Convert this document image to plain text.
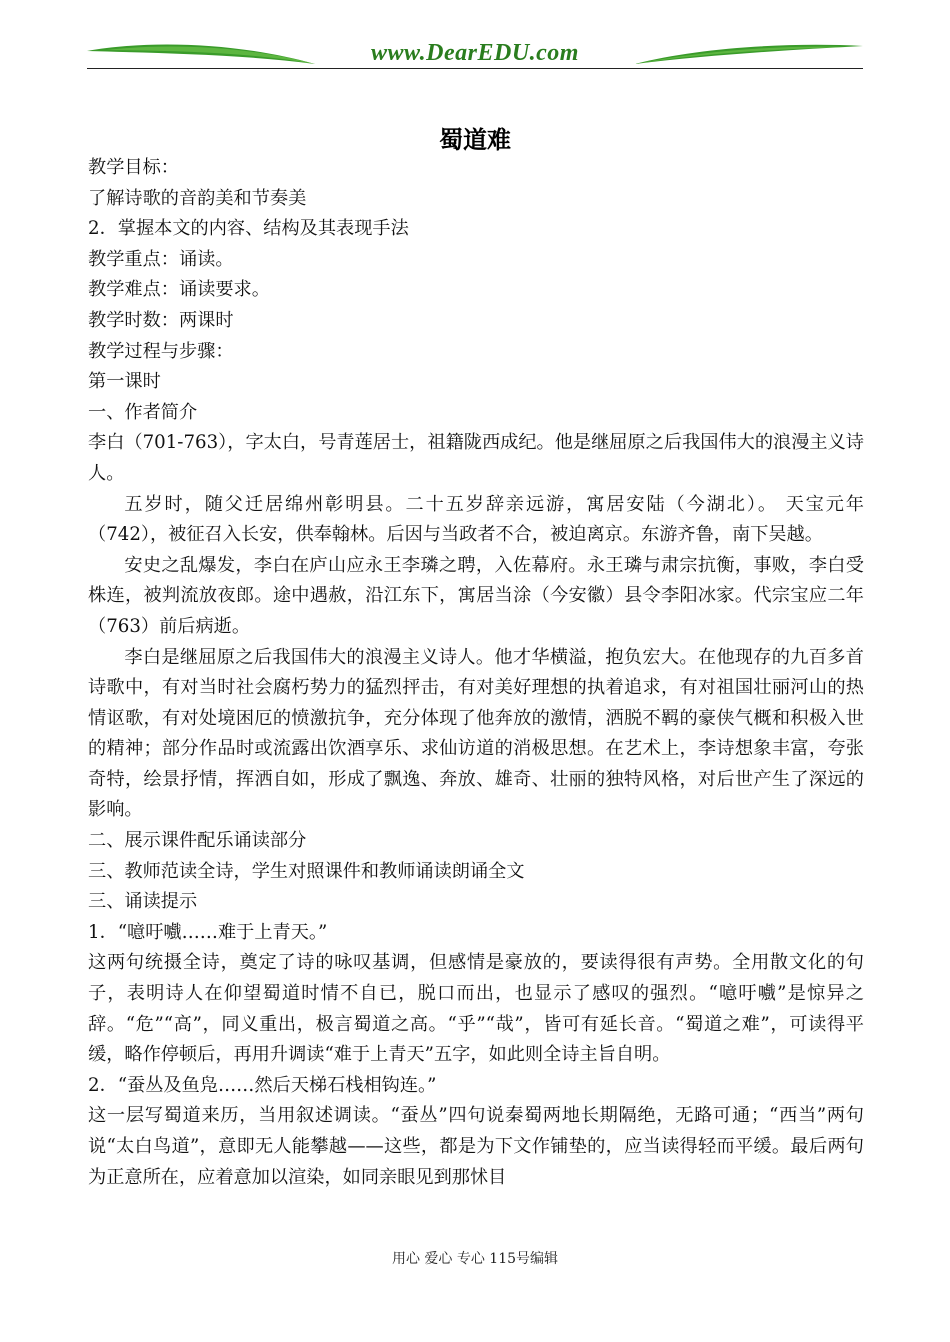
www.DearEDU.com
蜀道难

教学目标：

了解诗歌的音韵美和节奏美

2．掌握本文的内容、结构及其表现手法

教学重点：诵读。

教学难点：诵读要求。

教学时数：两课时

教学过程与步骤：

第一课时

一、作者简介

李白（701-763），字太白，号青莲居士，祖籍陇西成纪。他是继屈原之后我国伟大的浪漫主义诗人。

五岁时，随父迁居绵州彰明县。二十五岁辞亲远游，寓居安陆（今湖北）。 天宝元年（742），被征召入长安，供奉翰林。后因与当政者不合，被迫离京。东游齐鲁，南下吴越。

安史之乱爆发，李白在庐山应永王李璘之聘，入佐幕府。永王璘与肃宗抗衡，事败，李白受株连，被判流放夜郎。途中遇赦，沿江东下，寓居当涂（今安徽）县令李阳冰家。代宗宝应二年（763）前后病逝。

李白是继屈原之后我国伟大的浪漫主义诗人。他才华横溢，抱负宏大。在他现存的九百多首诗歌中，有对当时社会腐朽势力的猛烈抨击，有对美好理想的执着追求，有对祖国壮丽河山的热情讴歌，有对处境困厄的愤激抗争，充分体现了他奔放的激情，洒脱不羁的豪侠气概和积极入世的精神；部分作品时或流露出饮酒享乐、求仙访道的消极思想。在艺术上，李诗想象丰富，夸张奇特，绘景抒情，挥洒自如，形成了飘逸、奔放、雄奇、壮丽的独特风格，对后世产生了深远的影响。

二、展示课件配乐诵读部分

三、教师范读全诗，学生对照课件和教师诵读朗诵全文

三、诵读提示

1．“噫吁嚱……难于上青天。”

这两句统摄全诗，奠定了诗的咏叹基调，但感情是豪放的，要读得很有声势。全用散文化的句子，表明诗人在仰望蜀道时情不自已，脱口而出，也显示了感叹的强烈。“噫吁嚱”是惊异之辞。“危”“高”，同义重出，极言蜀道之高。“乎”“哉”，皆可有延长音。“蜀道之难”，可读得平缓，略作停顿后，再用升调读“难于上青天”五字，如此则全诗主旨自明。

2．“蚕丛及鱼凫……然后天梯石栈相钩连。”

这一层写蜀道来历，当用叙述调读。“蚕丛”四句说秦蜀两地长期隔绝，无路可通；“西当”两句说“太白鸟道”，意即无人能攀越——这些，都是为下文作铺垫的，应当读得轻而平缓。最后两句为正意所在，应着意加以渲染，如同亲眼见到那怵目

用心 爱心 专心 115号编辑
